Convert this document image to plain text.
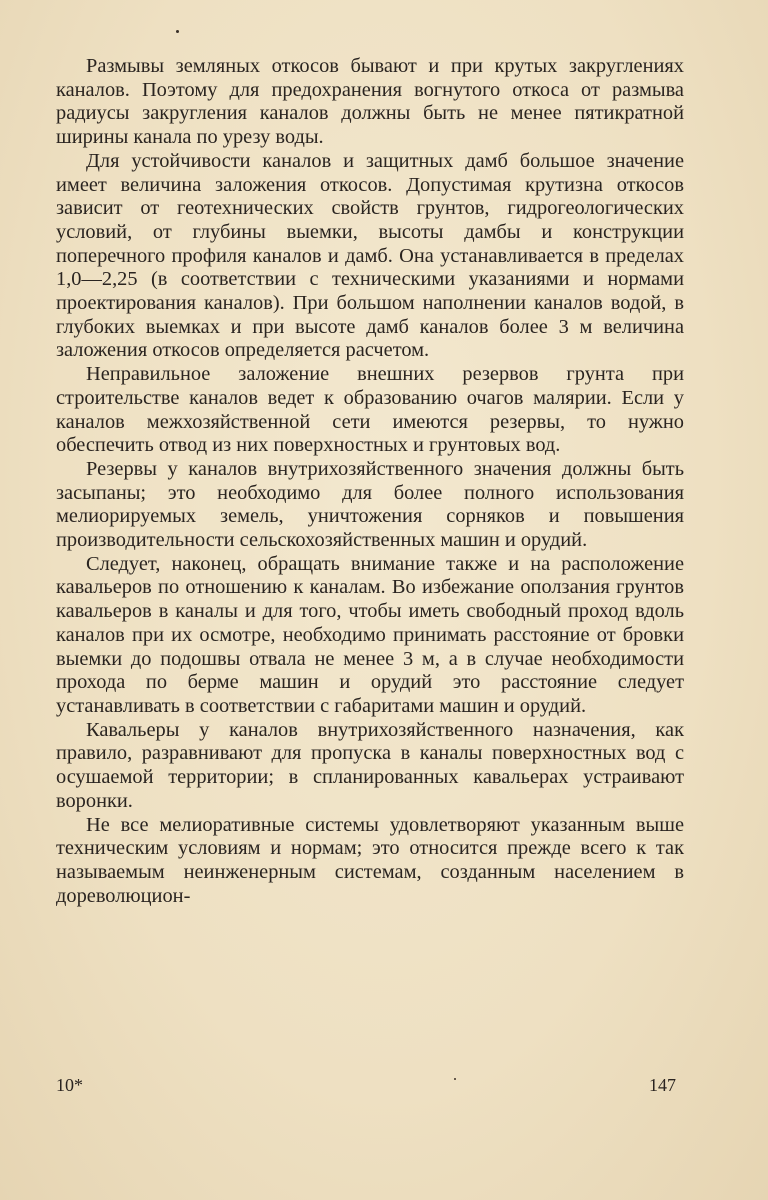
Размывы земляных откосов бывают и при крутых закруглениях каналов. Поэтому для предохранения вогнутого откоса от размыва радиусы закругления каналов должны быть не менее пятикратной ширины канала по урезу воды.

Для устойчивости каналов и защитных дамб большое значение имеет величина заложения откосов. Допустимая крутизна откосов зависит от геотехнических свойств грунтов, гидрогеологических условий, от глубины выемки, высоты дамбы и конструкции поперечного профиля каналов и дамб. Она устанавливается в пределах 1,0—2,25 (в соответствии с техническими указаниями и нормами проектирования каналов). При большом наполнении каналов водой, в глубоких выемках и при высоте дамб каналов более 3 м величина заложения откосов определяется расчетом.

Неправильное заложение внешних резервов грунта при строительстве каналов ведет к образованию очагов малярии. Если у каналов межхозяйственной сети имеются резервы, то нужно обеспечить отвод из них поверхностных и грунтовых вод.

Резервы у каналов внутрихозяйственного значения должны быть засыпаны; это необходимо для более полного использования мелиорируемых земель, уничтожения сорняков и повышения производительности сельскохозяйственных машин и орудий.

Следует, наконец, обращать внимание также и на расположение кавальеров по отношению к каналам. Во избежание оползания грунтов кавальеров в каналы и для того, чтобы иметь свободный проход вдоль каналов при их осмотре, необходимо принимать расстояние от бровки выемки до подошвы отвала не менее 3 м, а в случае необходимости прохода по берме машин и орудий это расстояние следует устанавливать в соответствии с габаритами машин и орудий.

Кавальеры у каналов внутрихозяйственного назначения, как правило, разравнивают для пропуска в каналы поверхностных вод с осушаемой территории; в спланированных кавальерах устраивают воронки.

Не все мелиоративные системы удовлетворяют указанным выше техническим условиям и нормам; это относится прежде всего к так называемым неинженерным системам, созданным населением в дореволюцион-

10*	147
